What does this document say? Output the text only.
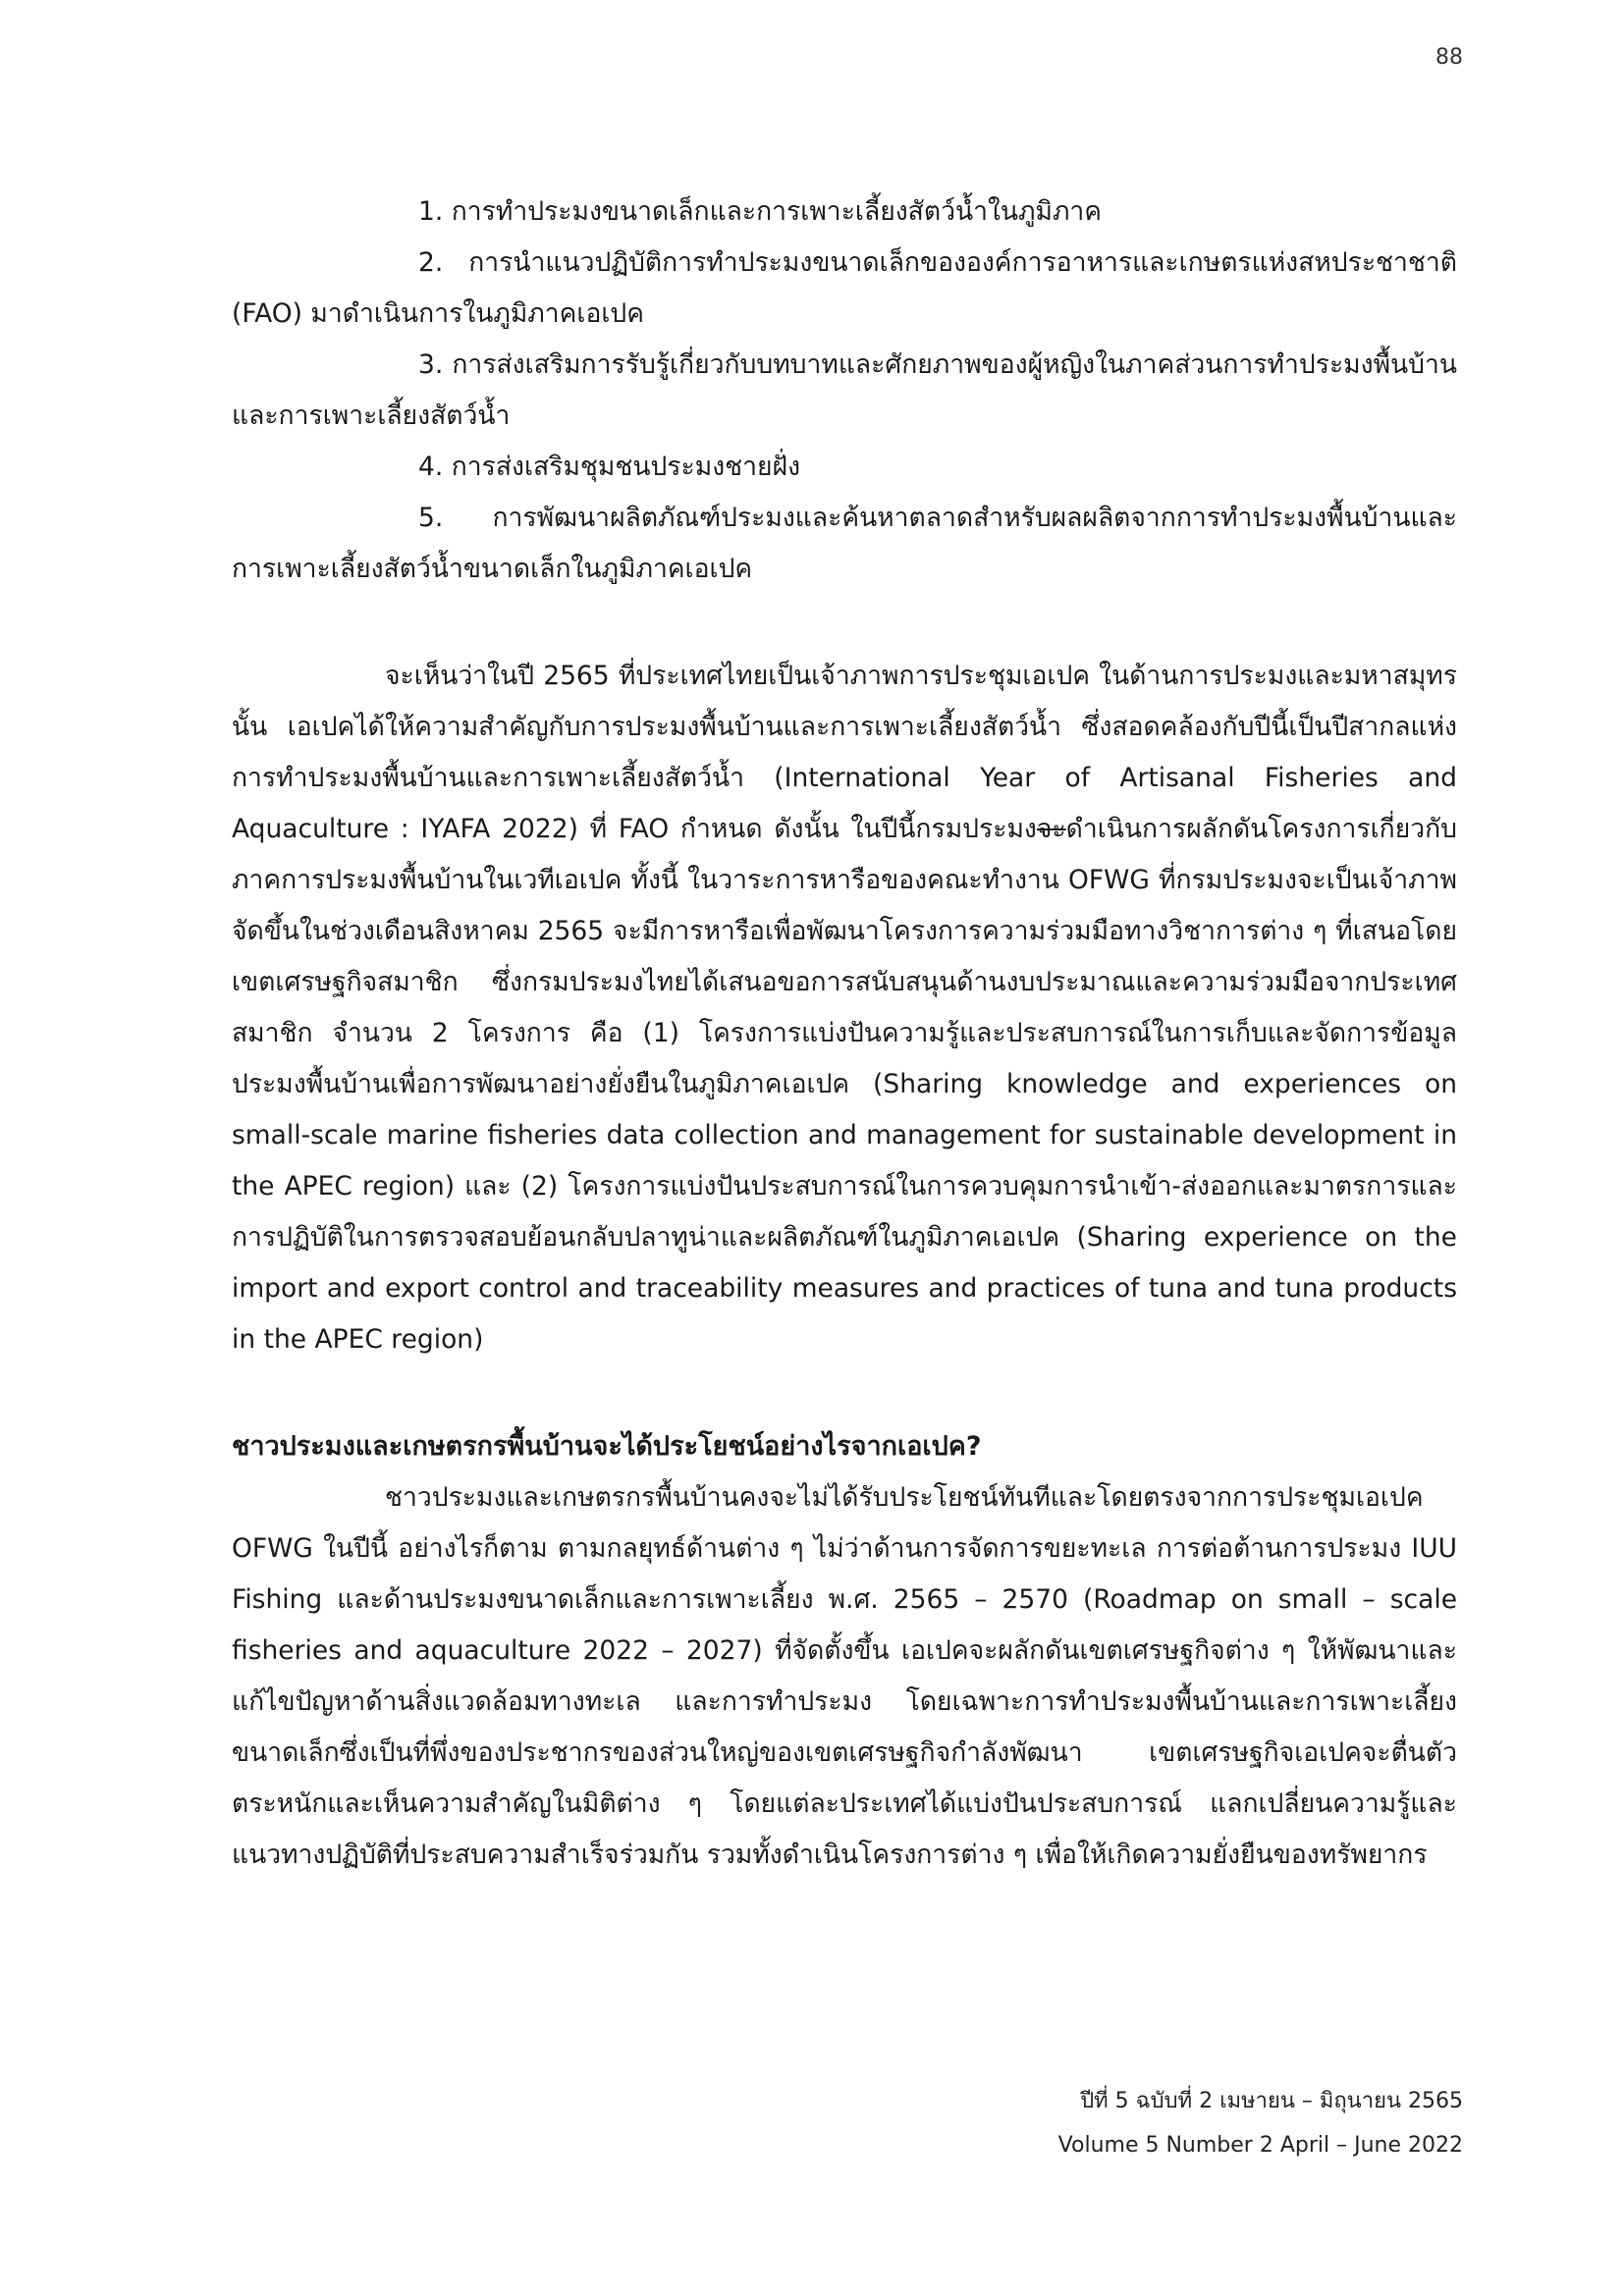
88

1. การทำประมงขนาดเล็กและการเพาะเลี้ยงสัตว์น้ำในภูมิภาค

2. การนำแนวปฏิบัติการทำประมงขนาดเล็กขององค์การอาหารและเกษตรแห่งสหประชาชาติ (FAO) มาดำเนินการในภูมิภาคเอเปค

3. การส่งเสริมการรับรู้เกี่ยวกับบทบาทและศักยภาพของผู้หญิงในภาคส่วนการทำประมงพื้นบ้านและการเพาะเลี้ยงสัตว์น้ำ

4. การส่งเสริมชุมชนประมงชายฝั่ง

5. การพัฒนาผลิตภัณฑ์ประมงและค้นหาตลาดสำหรับผลผลิตจากการทำประมงพื้นบ้านและการเพาะเลี้ยงสัตว์น้ำขนาดเล็กในภูมิภาคเอเปค

จะเห็นว่าในปี 2565 ที่ประเทศไทยเป็นเจ้าภาพการประชุมเอเปค ในด้านการประมงและมหาสมุทรนั้น เอเปคได้ให้ความสำคัญกับการประมงพื้นบ้านและการเพาะเลี้ยงสัตว์น้ำ ซึ่งสอดคล้องกับปีนี้เป็นปีสากลแห่งการทำประมงพื้นบ้านและการเพาะเลี้ยงสัตว์น้ำ (International Year of Artisanal Fisheries and Aquaculture : IYAFA 2022) ที่ FAO กำหนด ดังนั้น ในปีนี้กรมประมงจะดำเนินการผลักดันโครงการเกี่ยวกับภาคการประมงพื้นบ้านในเวทีเอเปค ทั้งนี้ ในวาระการหารือของคณะทำงาน OFWG ที่กรมประมงจะเป็นเจ้าภาพจัดขึ้นในช่วงเดือนสิงหาคม 2565 จะมีการหารือเพื่อพัฒนาโครงการความร่วมมือทางวิชาการต่าง ๆ ที่เสนอโดยเขตเศรษฐกิจสมาชิก ซึ่งกรมประมงไทยได้เสนอขอการสนับสนุนด้านงบประมาณและความร่วมมือจากประเทศสมาชิก จำนวน 2 โครงการ คือ (1) โครงการแบ่งปันความรู้และประสบการณ์ในการเก็บและจัดการข้อมูลประมงพื้นบ้านเพื่อการพัฒนาอย่างยั่งยืนในภูมิภาคเอเปค (Sharing knowledge and experiences on small-scale marine fisheries data collection and management for sustainable development in the APEC region) และ (2) โครงการแบ่งปันประสบการณ์ในการควบคุมการนำเข้า-ส่งออกและมาตรการและการปฏิบัติในการตรวจสอบย้อนกลับปลาทูน่าและผลิตภัณฑ์ในภูมิภาคเอเปค (Sharing experience on the import and export control and traceability measures and practices of tuna and tuna products in the APEC region)

ชาวประมงและเกษตรกรพื้นบ้านจะได้ประโยชน์อย่างไรจากเอเปค?

ชาวประมงและเกษตรกรพื้นบ้านคงจะไม่ได้รับประโยชน์ทันทีและโดยตรงจากการประชุมเอเปค OFWG ในปีนี้ อย่างไรก็ตาม ตามกลยุทธ์ด้านต่าง ๆ ไม่ว่าด้านการจัดการขยะทะเล การต่อต้านการประมง IUU Fishing และด้านประมงขนาดเล็กและการเพาะเลี้ยง พ.ศ. 2565 – 2570 (Roadmap on small – scale fisheries and aquaculture 2022 – 2027) ที่จัดตั้งขึ้น เอเปคจะผลักดันเขตเศรษฐกิจต่าง ๆ ให้พัฒนาและแก้ไขปัญหาด้านสิ่งแวดล้อมทางทะเล และการทำประมง โดยเฉพาะการทำประมงพื้นบ้านและการเพาะเลี้ยงขนาดเล็กซึ่งเป็นที่พึ่งของประชากรของส่วนใหญ่ของเขตเศรษฐกิจกำลังพัฒนา เขตเศรษฐกิจเอเปคจะตื่นตัวตระหนักและเห็นความสำคัญในมิติต่าง ๆ โดยแต่ละประเทศได้แบ่งปันประสบการณ์ แลกเปลี่ยนความรู้และแนวทางปฏิบัติที่ประสบความสำเร็จร่วมกัน รวมทั้งดำเนินโครงการต่าง ๆ เพื่อให้เกิดความยั่งยืนของทรัพยากร

ปีที่ 5 ฉบับที่ 2 เมษายน – มิถุนายน 2565
Volume 5 Number 2 April – June 2022
